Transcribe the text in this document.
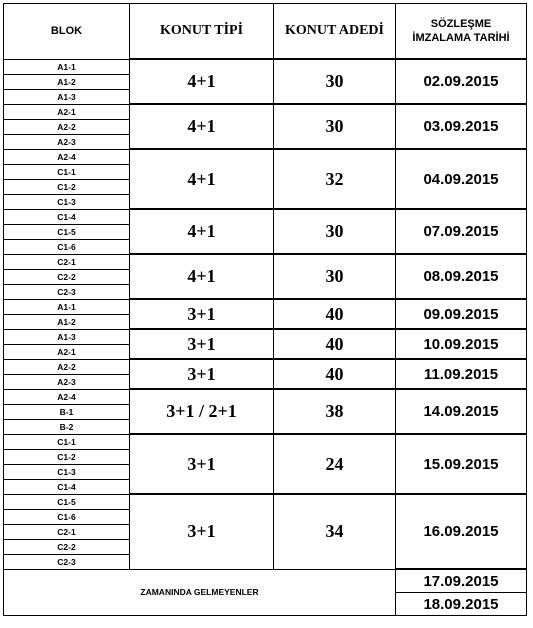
BLOK	KONUT TİPİ	KONUT ADEDİ	SÖZLEŞME
İMZALAMA TARİHİ
A1-1	4+1	30	02.09.2015
A1-2			
A1-3			
A2-1	4+1	30	03.09.2015
A2-2			
A2-3			
A2-4	4+1	32	04.09.2015
C1-1			
C1-2			
C1-3			
C1-4	4+1	30	07.09.2015
C1-5			
C1-6			
C2-1	4+1	30	08.09.2015
C2-2			
C2-3			
A1-1	3+1	40	09.09.2015
A1-2			
A1-3	3+1	40	10.09.2015
A2-1			
A2-2	3+1	40	11.09.2015
A2-3			
A2-4	3+1 / 2+1	38	14.09.2015
B-1			
B-2			
C1-1	3+1	24	15.09.2015
C1-2			
C1-3			
C1-4			
C1-5	3+1	34	16.09.2015
C1-6			
C2-1			
C2-2			
C2-3			
ZAMANINDA GELMEYENLER			17.09.2015
			18.09.2015
